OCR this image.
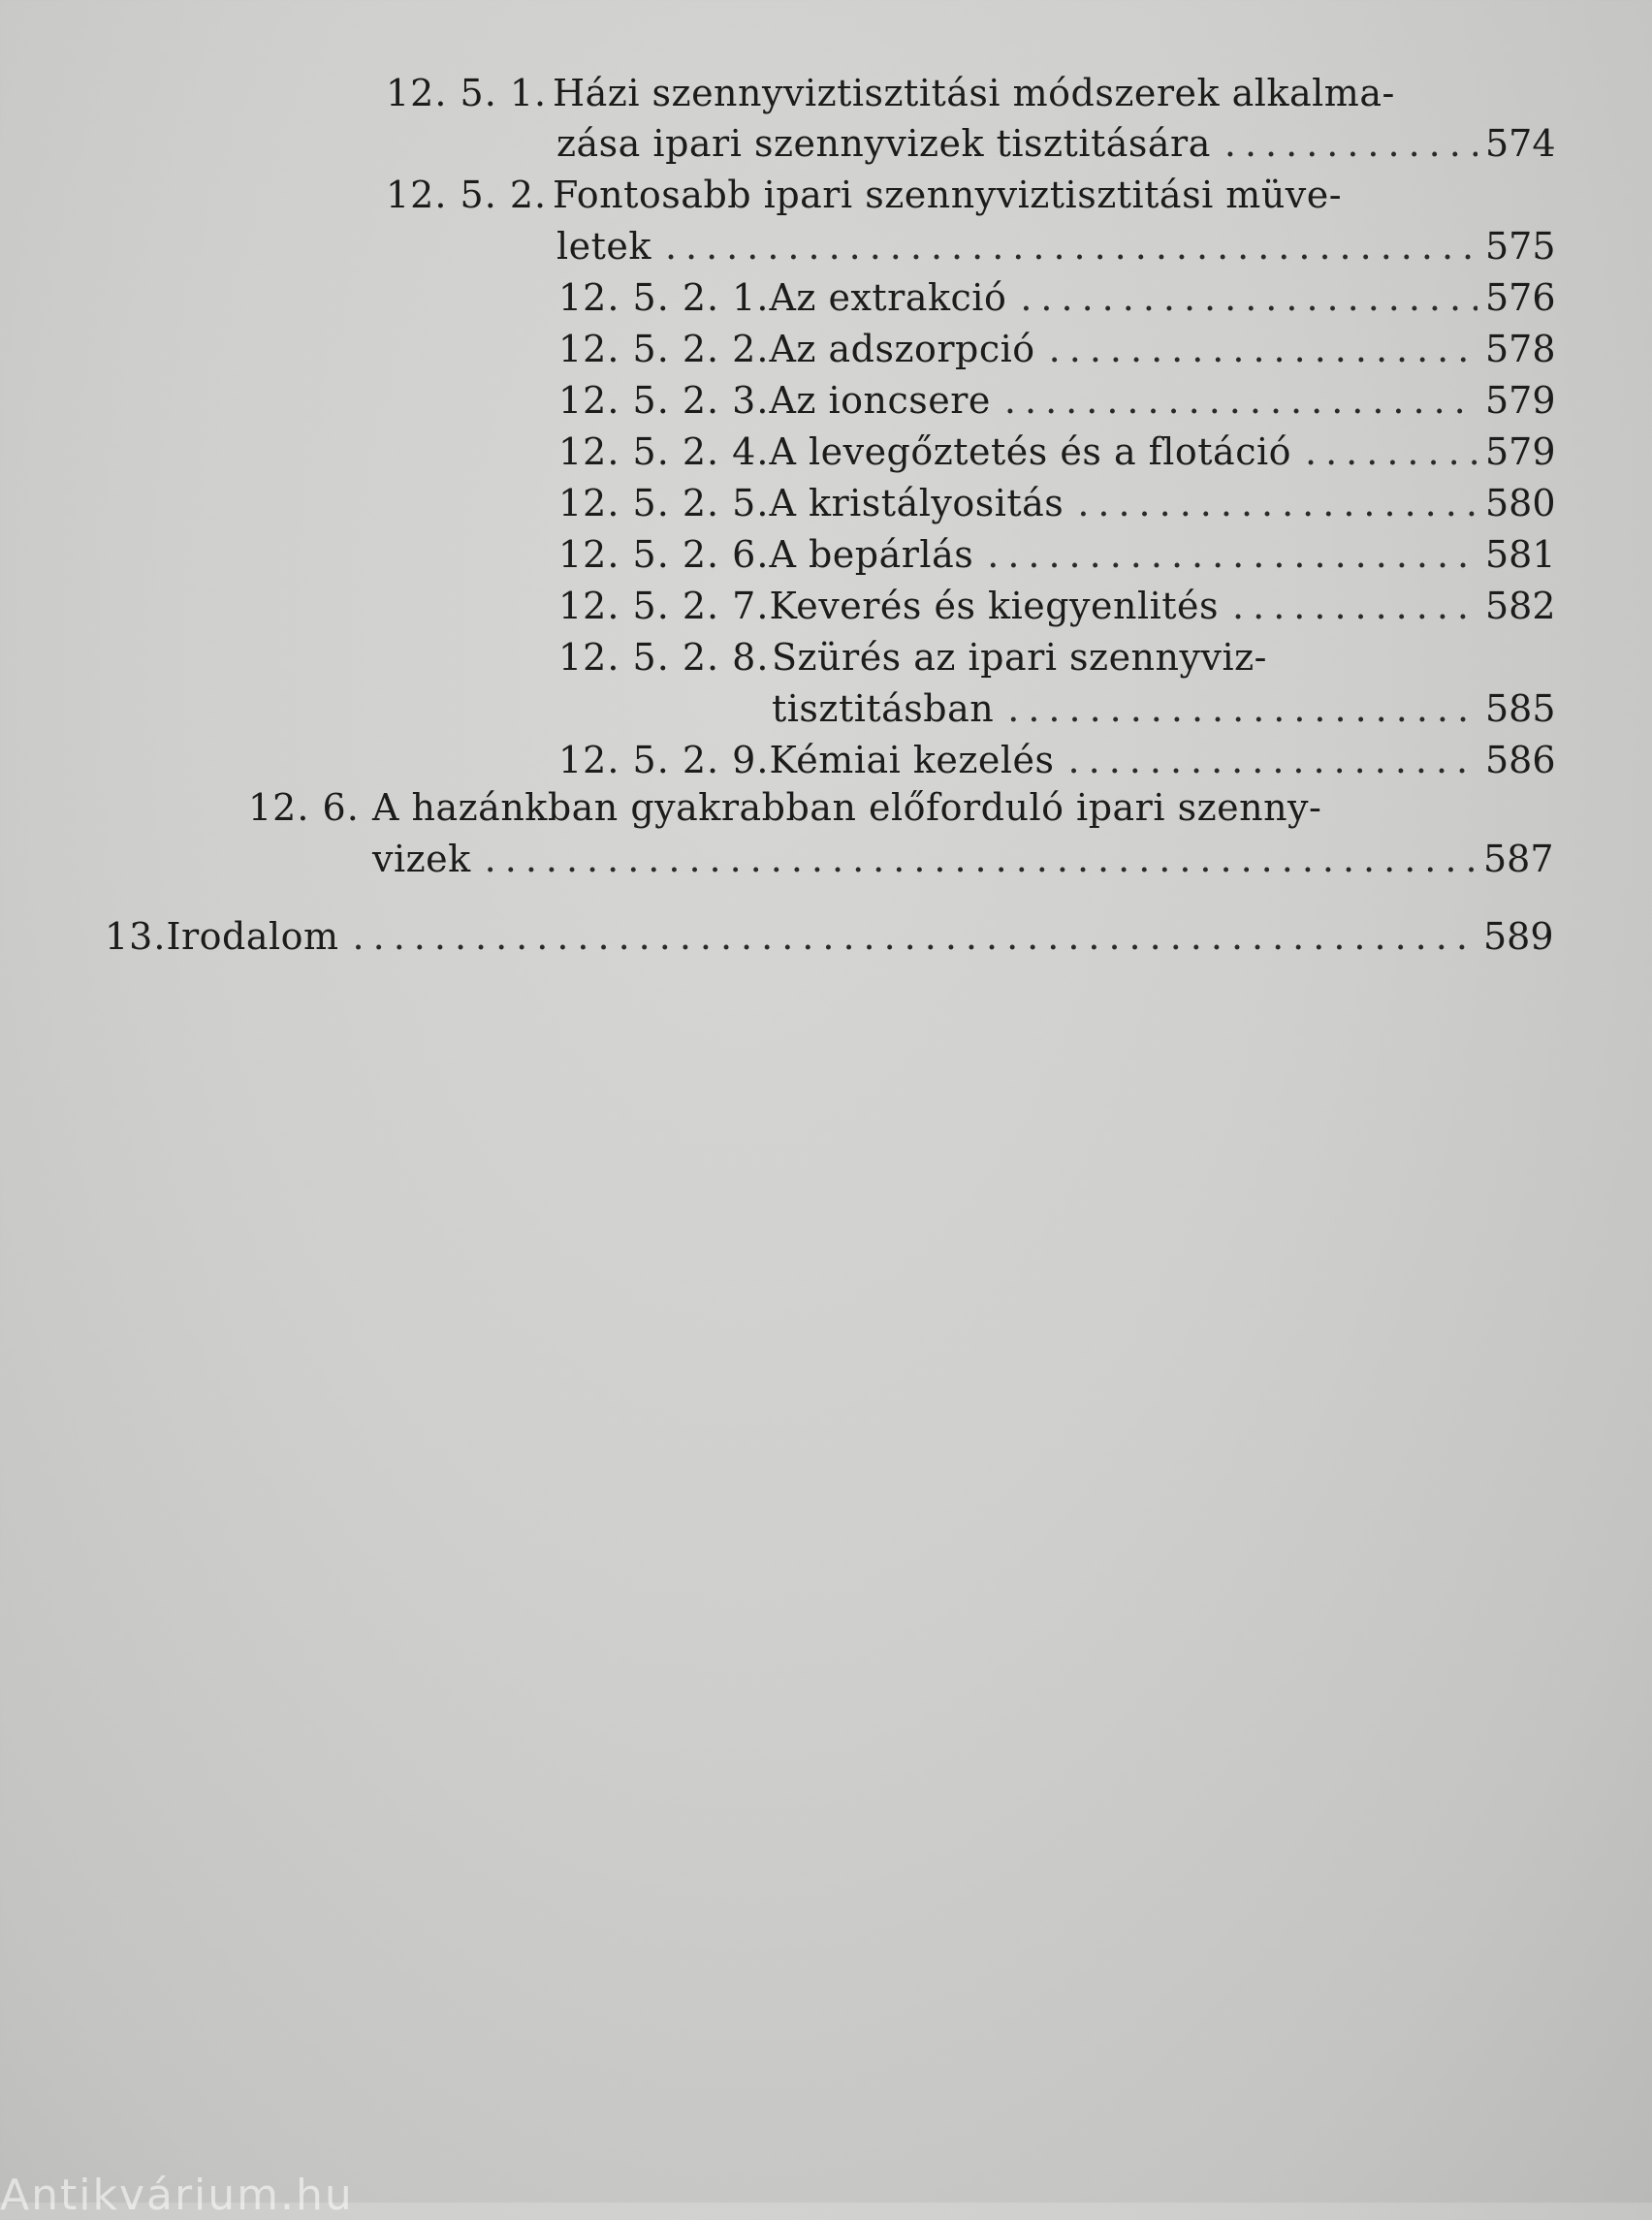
12. 5. 1. Házi szennyviztisztitási módszerek alkalma-
zása ipari szennyvizek tisztitására .....	574
12. 5. 2. Fontosabb ipari szennyviztisztitási müve-
letek .....	575
12. 5. 2. 1. Az extrakció .....	576
12. 5. 2. 2. Az adszorpció .....	578
12. 5. 2. 3. Az ioncsere .....	579
12. 5. 2. 4. A levegőztetés és a flotáció .....	579
12. 5. 2. 5. A kristályositás .....	580
12. 5. 2. 6. A bepárlás .....	581
12. 5. 2. 7. Keverés és kiegyenlités .....	582
12. 5. 2. 8. Szürés az ipari szennyviz-
tisztitásban .....	585
12. 5. 2. 9. Kémiai kezelés .....	586
12. 6. A hazánkban gyakrabban előforduló ipari szenny-
vizek .....	587
13. Irodalom .....	589
Antikvárium.hu
